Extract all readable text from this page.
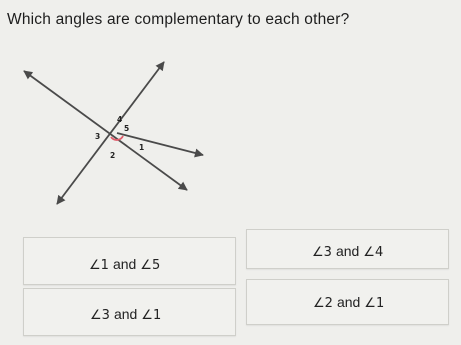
Which angles are complementary to each other?
4
5
3
1
2
∠1 and ∠5
∠3 and ∠4
∠3 and ∠1
∠2 and ∠1
